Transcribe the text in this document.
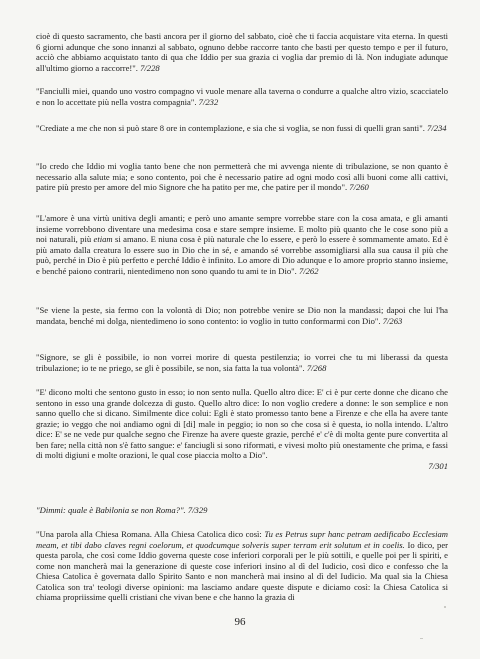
cioè di questo sacramento, che basti ancora per il giorno del sabbato, cioè che ti faccia acquistare vita eterna. In questi 6 giorni adunque che sono innanzi al sabbato, ognuno debbe raccorre tanto che basti per questo tempo e per il futuro, acciò che abbiamo acquistato tanto di qua che Iddio per sua grazia ci voglia dar premio di là. Non indugiate adunque all'ultimo giorno a raccorre!". 7/228

"Fanciulli miei, quando uno vostro compagno vi vuole menare alla taverna o condurre a qualche altro vizio, scacciatelo e non lo accettate più nella vostra compagnia". 7/232

"Crediate a me che non si può stare 8 ore in contemplazione, e sia che si voglia, se non fussi di quelli gran santi". 7/234

"Io credo che Iddio mi voglia tanto bene che non permetterà che mi avvenga niente di tribulazione, se non quanto è necessario alla salute mia; e sono contento, poi che è necessario patire ad ogni modo così alli buoni come alli cattivi, patire più presto per amore del mio Signore che ha patito per me, che patire per il mondo". 7/260

"L'amore è una virtù unitiva degli amanti; e però uno amante sempre vorrebbe stare con la cosa amata, e gli amanti insieme vorrebbono diventare una medesima cosa e stare sempre insieme. E molto più quanto che le cose sono più a noi naturali, più etiam si amano. E niuna cosa è più naturale che lo essere, e però lo essere è sommamente amato. Ed è più amato dalla creatura lo essere suo in Dio che in sé, e amando sé vorrebbe assomigliarsi alla sua causa il più che può, perché in Dio è più perfetto e perché Iddio è infinito. Lo amore di Dio adunque e lo amore proprio stanno insieme, e benché paiono contrarii, nientedimeno non sono quando tu ami te in Dio". 7/262

"Se viene la peste, sia fermo con la volontà di Dio; non potrebbe venire se Dio non la mandassi; dapoi che lui l'ha mandata, benché mi dolga, nientedimeno io sono contento: io voglio in tutto conformarmi con Dio". 7/263

"Signore, se gli è possibile, io non vorrei morire di questa pestilenzia; io vorrei che tu mi liberassi da questa tribulazione; io te ne priego, se gli è possibile, se non, sia fatta la tua volontà". 7/268

"E' dicono molti che sentono gusto in esso; io non sento nulla. Quello altro dice: E' ci è pur certe donne che dicano che sentono in esso una grande dolcezza di gusto. Quello altro dice: Io non voglio credere a donne: le son semplice e non sanno quello che si dicano. Similmente dice colui: Egli è stato promesso tanto bene a Firenze e che ella ha avere tante grazie; io veggo che noi andiamo ogni di [di] male in peggio; io non so che cosa si è questa, io nolla intendo. L'altro dice: E' se ne vede pur qualche segno che Firenze ha avere queste grazie, perché e' c'è di molta gente pure convertita al ben fare; nella città non s'è fatto sangue: e' fanciugli si sono riformati, e vivesi molto più onestamente che prima, e fassi di molti digiuni e molte orazioni, le qual cose piaccia molto a Dio".
7/301

"Dimmi: quale è Babilonia se non Roma?". 7/329

"Una parola alla Chiesa Romana. Alla Chiesa Catolica dico così: Tu es Petrus supr hanc petram aedificabo Ecclesiam meam, et tibi dabo claves regni coelorum, et quodcumque solveris super terram erit solutum et in coelis. Io dico, per questa parola, che così come Iddio governa queste cose inferiori corporali per le più sottili, e quelle poi per li spiriti, e come non mancherà mai la generazione di queste cose inferiori insino al dì del Iudicio, così dico e confesso che la Chiesa Catolica è governata dallo Spirito Santo e non mancherà mai insino al dì del Iudicio. Ma qual sia la Chiesa Catolica son tra' teologi diverse opinioni: ma lasciamo andare queste dispute e diciamo così: la Chiesa Catolica si chiama propriissime quelli cristiani che vivan bene e che hanno la grazia di

96
